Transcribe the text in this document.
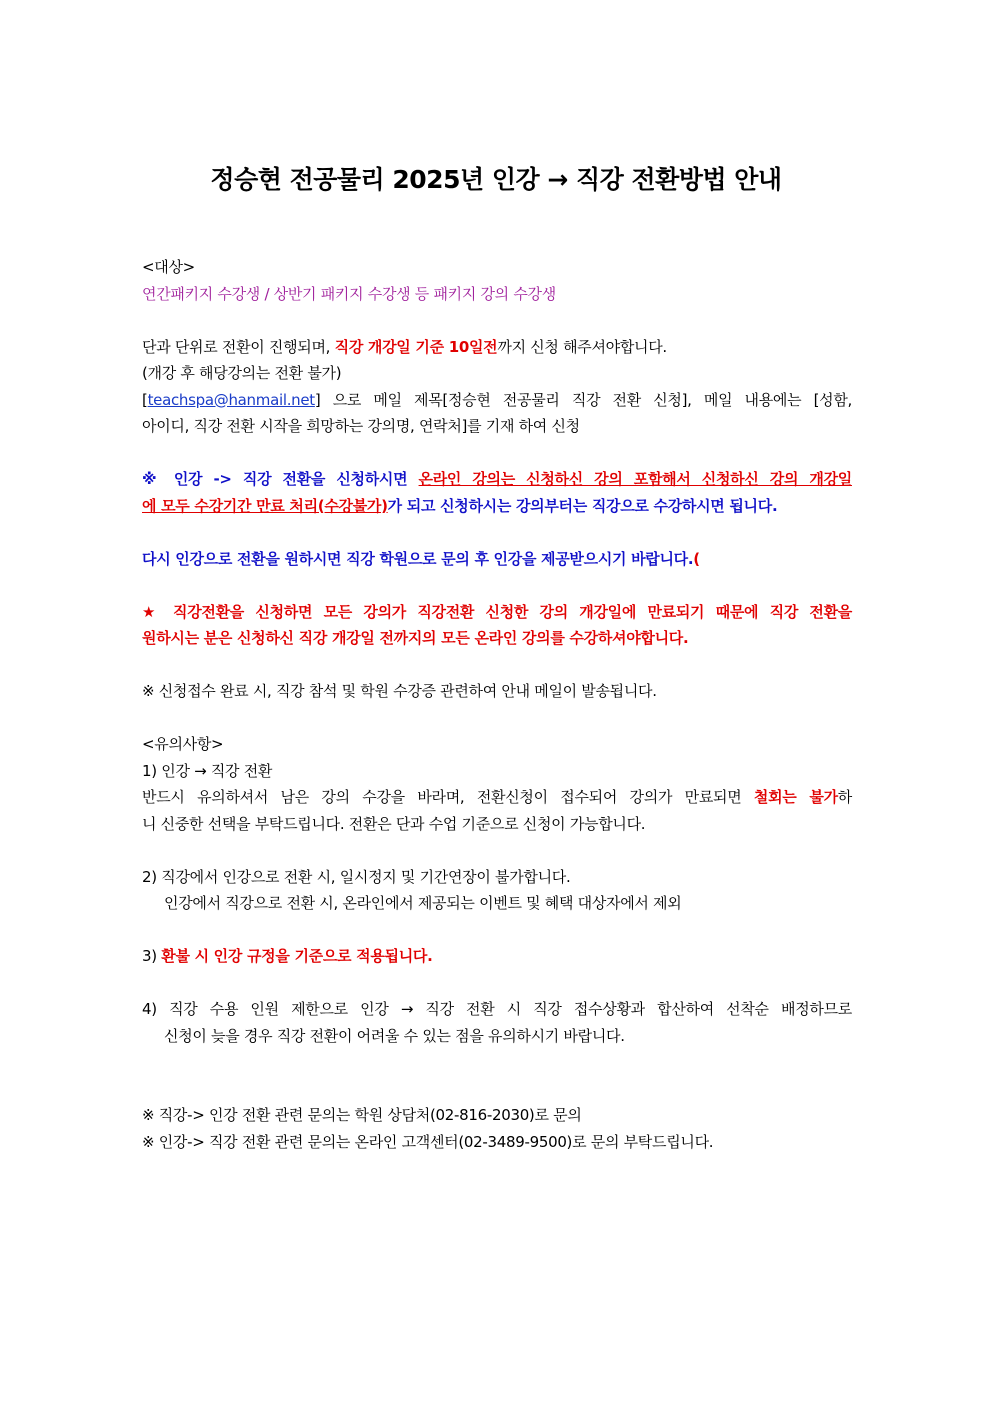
정승현 전공물리 2025년 인강 → 직강 전환방법 안내
<대상>
연간패키지 수강생 / 상반기 패키지 수강생 등 패키지 강의 수강생
단과 단위로 전환이 진행되며, 직강 개강일 기준 10일전까지 신청 해주셔야합니다.
(개강 후 해당강의는 전환 불가)
[teachspa@hanmail.net] 으로 메일 제목[정승현 전공물리 직강 전환 신청], 메일 내용에는 [성함,
아이디, 직강 전환 시작을 희망하는 강의명, 연락처]를 기재 하여 신청
※ 인강 -> 직강 전환을 신청하시면 온라인 강의는 신청하신 강의 포함해서 신청하신 강의 개강일
에 모두 수강기간 만료 처리(수강불가)가 되고 신청하시는 강의부터는 직강으로 수강하시면 됩니다.
다시 인강으로 전환을 원하시면 직강 학원으로 문의 후 인강을 제공받으시기 바랍니다.(
★ 직강전환을 신청하면 모든 강의가 직강전환 신청한 강의 개강일에 만료되기 때문에 직강 전환을
원하시는 분은 신청하신 직강 개강일 전까지의 모든 온라인 강의를 수강하셔야합니다.
※ 신청접수 완료 시, 직강 참석 및 학원 수강증 관련하여 안내 메일이 발송됩니다.
<유의사항>
1) 인강 → 직강 전환
반드시 유의하셔서 남은 강의 수강을 바라며, 전환신청이 접수되어 강의가 만료되면 철회는 불가하
니 신중한 선택을 부탁드립니다. 전환은 단과 수업 기준으로 신청이 가능합니다.
2) 직강에서 인강으로 전환 시, 일시정지 및 기간연장이 불가합니다.
인강에서 직강으로 전환 시, 온라인에서 제공되는 이벤트 및 혜택 대상자에서 제외
3) 환불 시 인강 규정을 기준으로 적용됩니다.
4) 직강 수용 인원 제한으로 인강 → 직강 전환 시 직강 접수상황과 합산하여 선착순 배정하므로
신청이 늦을 경우 직강 전환이 어려울 수 있는 점을 유의하시기 바랍니다.
※ 직강-> 인강 전환 관련 문의는 학원 상담처(02-816-2030)로 문의
※ 인강-> 직강 전환 관련 문의는 온라인 고객센터(02-3489-9500)로 문의 부탁드립니다.
